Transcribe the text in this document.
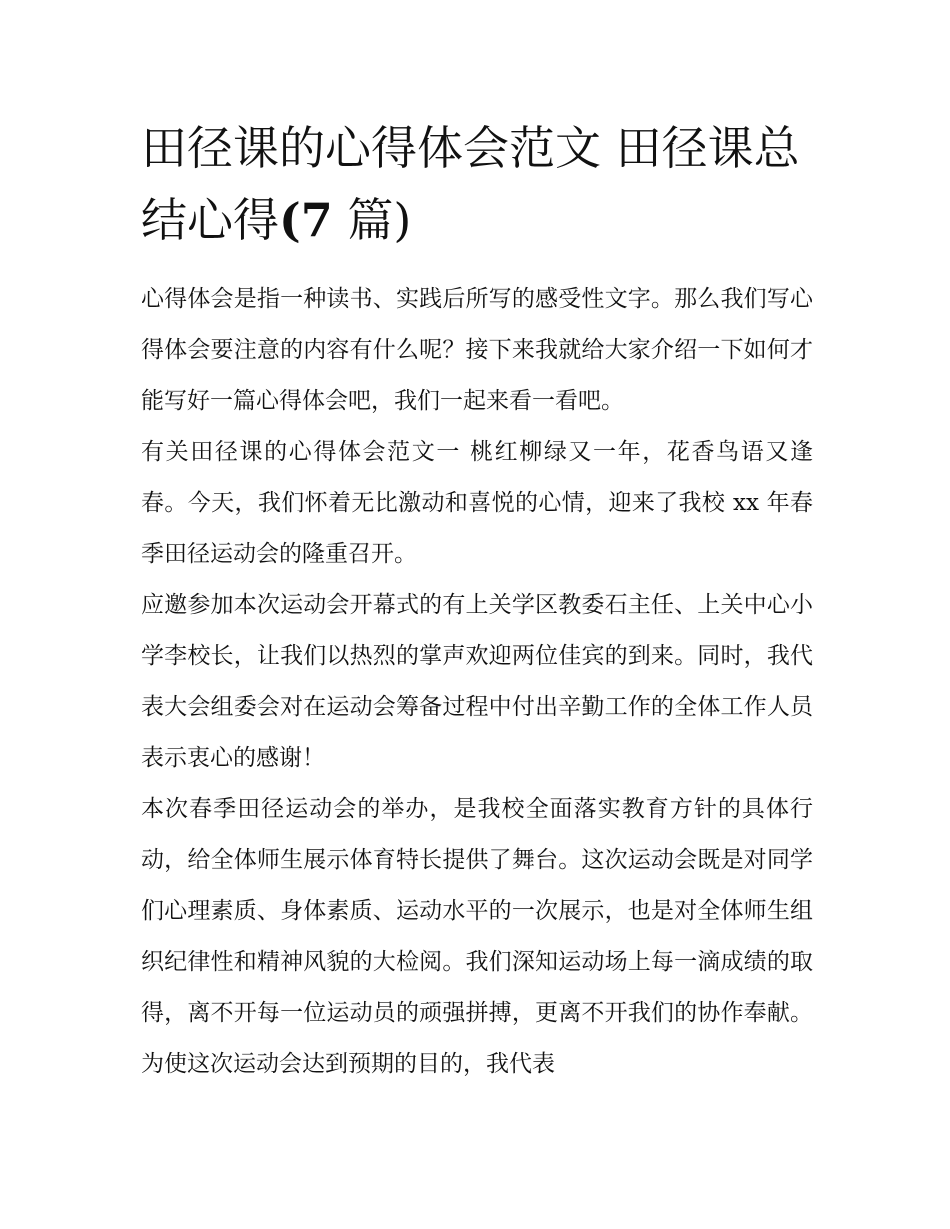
田径课的心得体会范文 田径课总结心得(7 篇)

心得体会是指一种读书、实践后所写的感受性文字。那么我们写心得体会要注意的内容有什么呢？接下来我就给大家介绍一下如何才能写好一篇心得体会吧，我们一起来看一看吧。

有关田径课的心得体会范文一 桃红柳绿又一年，花香鸟语又逢春。今天，我们怀着无比激动和喜悦的心情，迎来了我校 xx 年春季田径运动会的隆重召开。

应邀参加本次运动会开幕式的有上关学区教委石主任、上关中心小学李校长，让我们以热烈的掌声欢迎两位佳宾的到来。同时，我代表大会组委会对在运动会筹备过程中付出辛勤工作的全体工作人员表示衷心的感谢！

本次春季田径运动会的举办，是我校全面落实教育方针的具体行动，给全体师生展示体育特长提供了舞台。这次运动会既是对同学们心理素质、身体素质、运动水平的一次展示，也是对全体师生组织纪律性和精神风貌的大检阅。我们深知运动场上每一滴成绩的取得，离不开每一位运动员的顽强拼搏，更离不开我们的协作奉献。为使这次运动会达到预期的目的，我代表
